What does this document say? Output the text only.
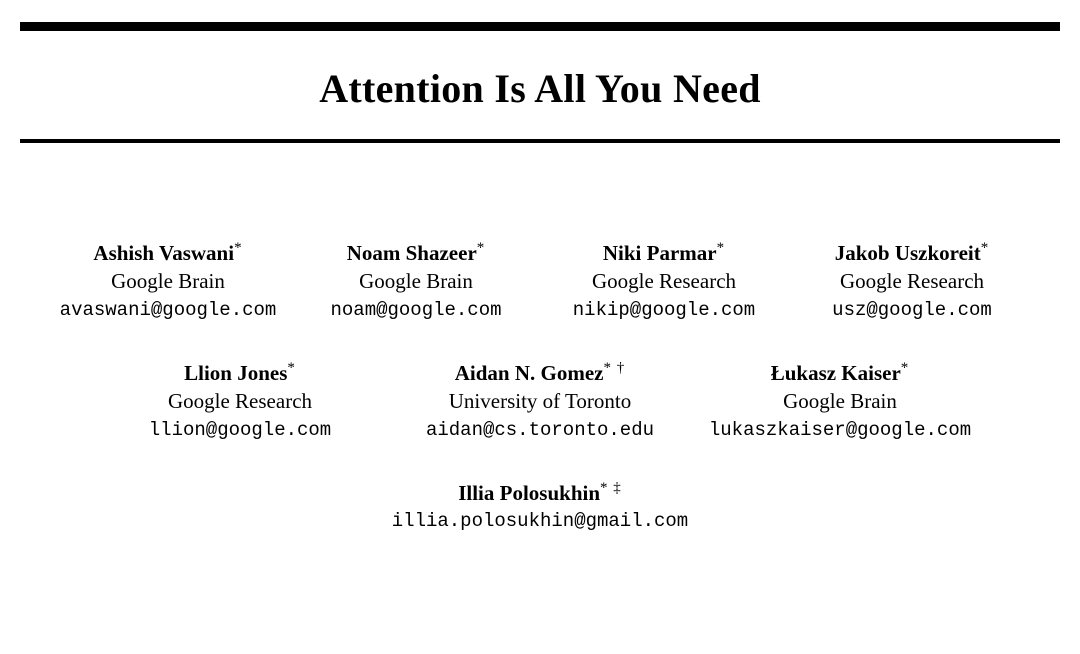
Attention Is All You Need
Ashish Vaswani*
Google Brain
avaswani@google.com
Noam Shazeer*
Google Brain
noam@google.com
Niki Parmar*
Google Research
nikip@google.com
Jakob Uszkoreit*
Google Research
usz@google.com
Llion Jones*
Google Research
llion@google.com
Aidan N. Gomez* †
University of Toronto
aidan@cs.toronto.edu
Łukasz Kaiser*
Google Brain
lukaszkaiser@google.com
Illia Polosukhin* ‡
illia.polosukhin@gmail.com
